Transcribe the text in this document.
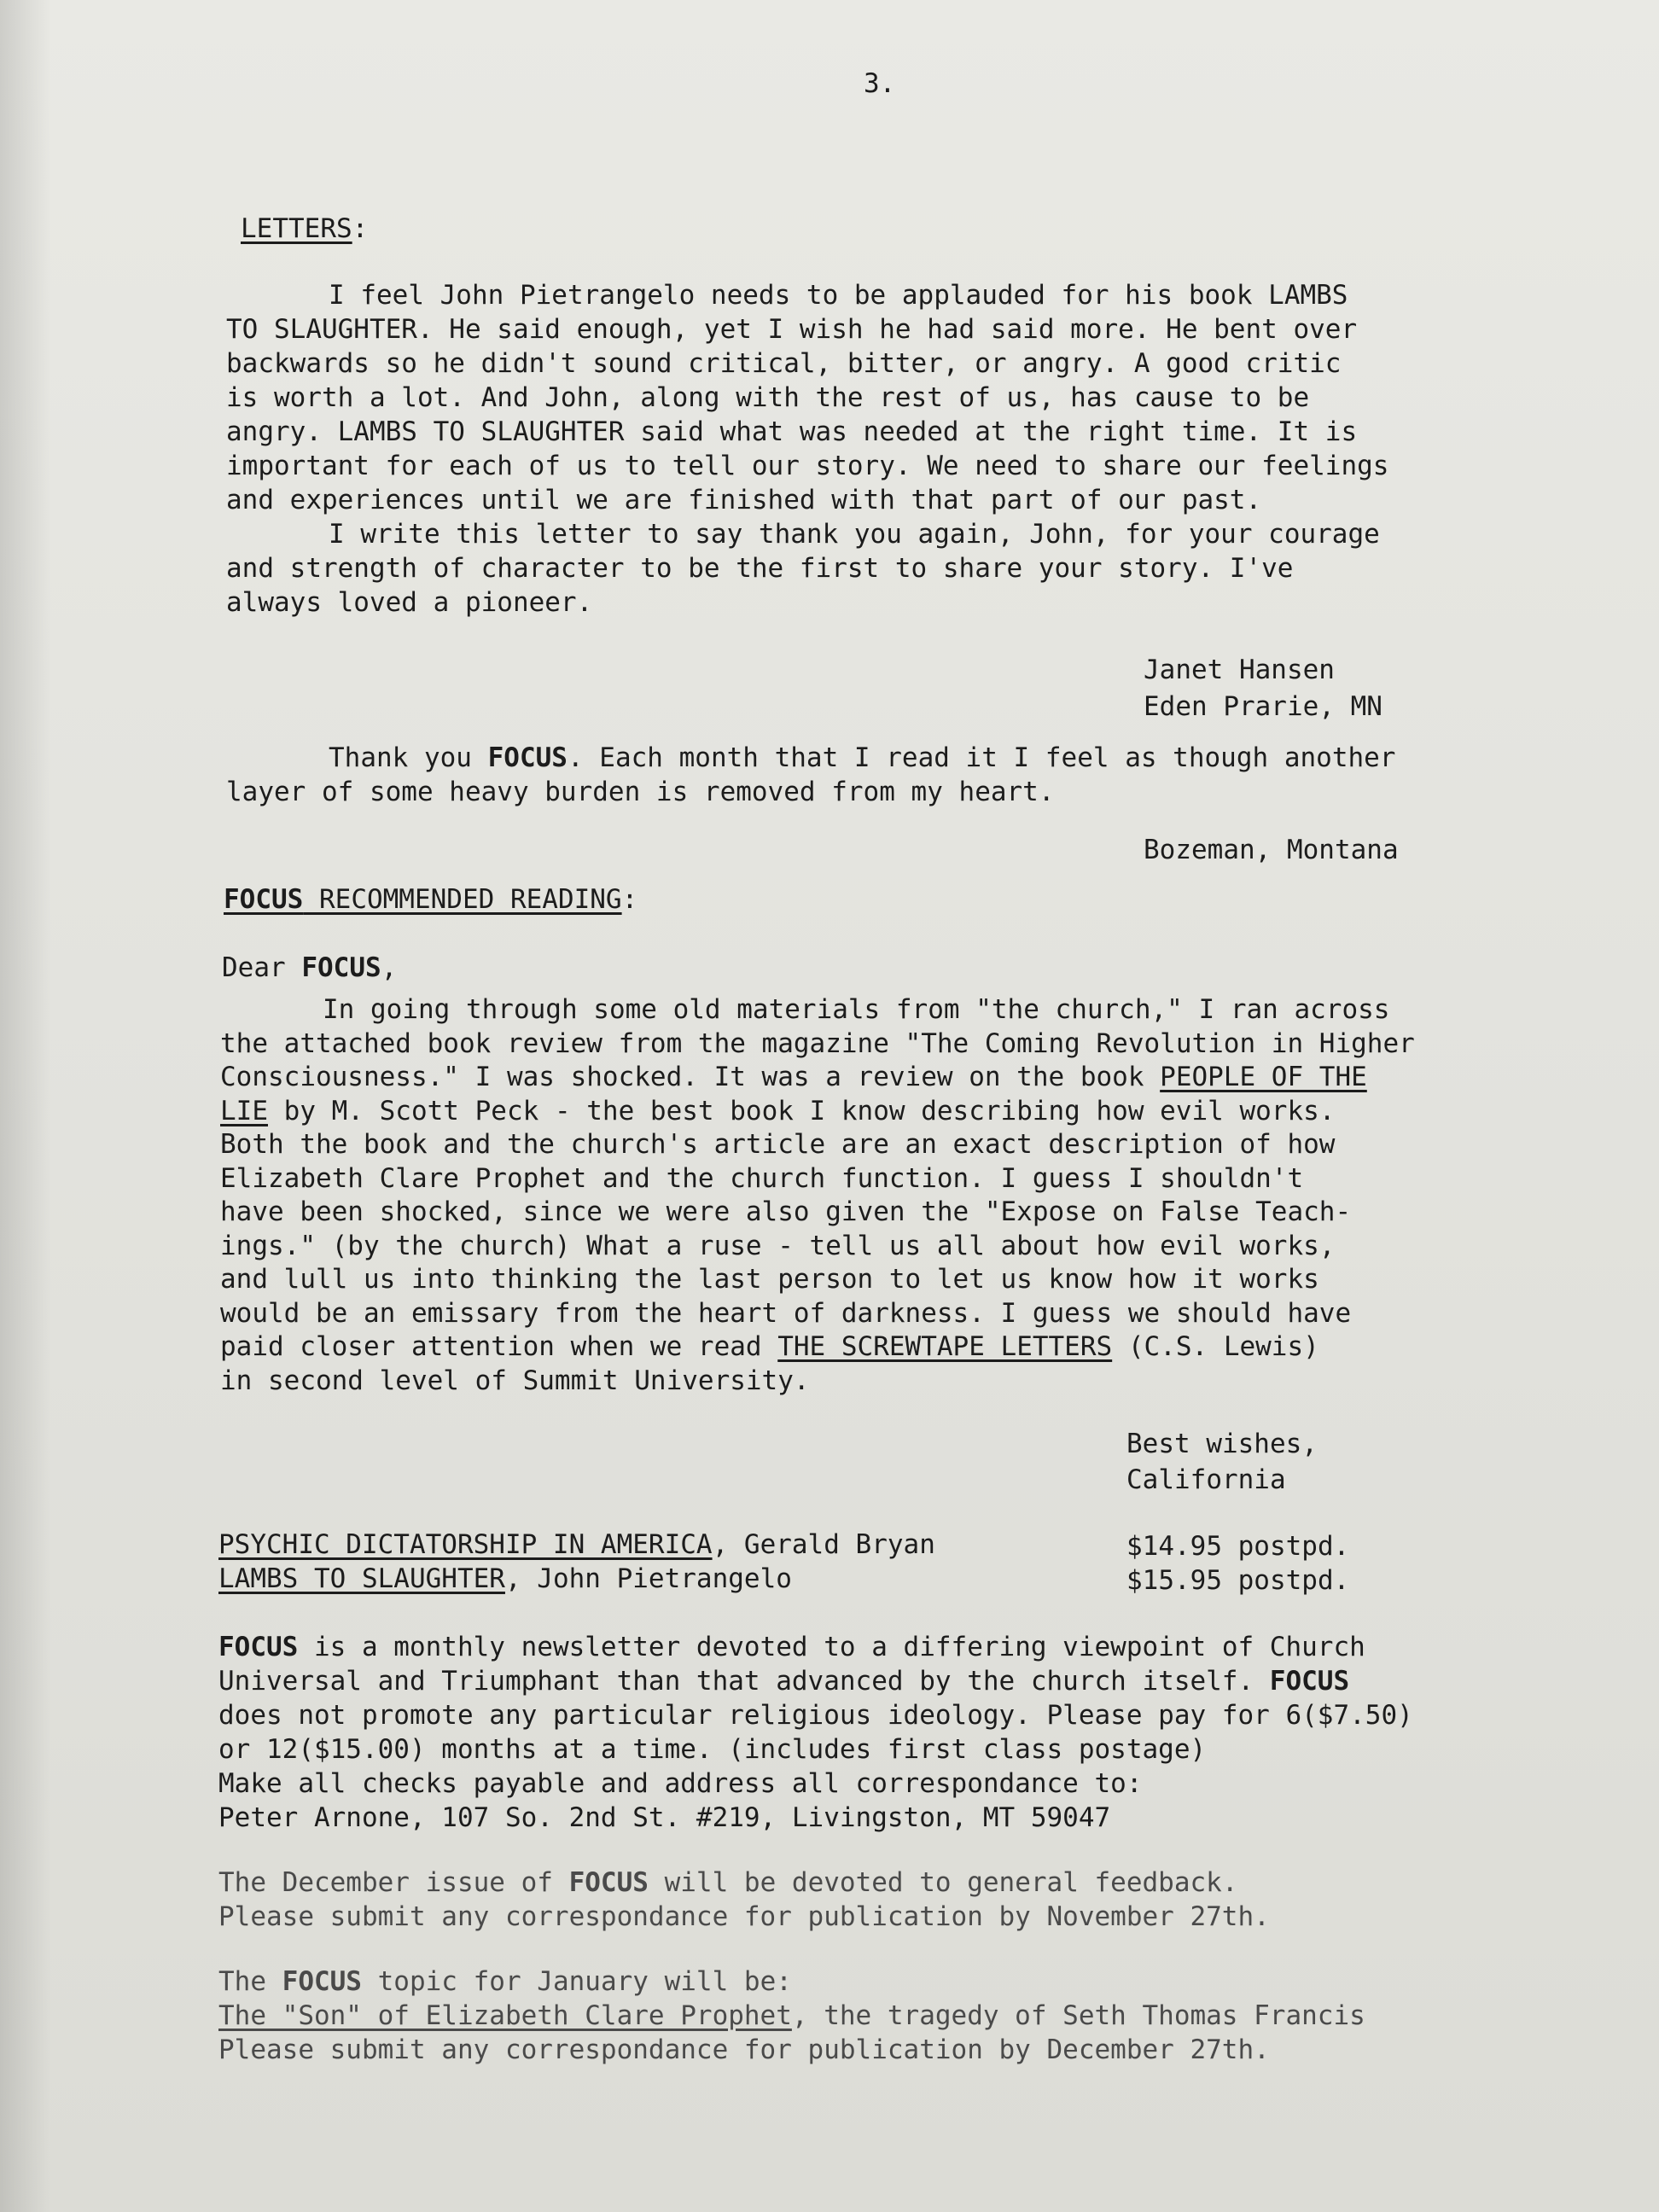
3.
LETTERS:
I feel John Pietrangelo needs to be applauded for his book LAMBS
TO SLAUGHTER. He said enough, yet I wish he had said more. He bent over
backwards so he didn't sound critical, bitter, or angry. A good critic
is worth a lot. And John, along with the rest of us, has cause to be
angry. LAMBS TO SLAUGHTER said what was needed at the right time. It is
important for each of us to tell our story. We need to share our feelings
and experiences until we are finished with that part of our past.
I write this letter to say thank you again, John, for your courage
and strength of character to be the first to share your story. I've
always loved a pioneer.
Janet Hansen
Eden Prarie, MN
Thank you FOCUS. Each month that I read it I feel as though another
layer of some heavy burden is removed from my heart.
Bozeman, Montana
FOCUS RECOMMENDED READING:
Dear FOCUS,
In going through some old materials from "the church," I ran across
the attached book review from the magazine "The Coming Revolution in Higher
Consciousness." I was shocked. It was a review on the book PEOPLE OF THE
LIE by M. Scott Peck - the best book I know describing how evil works.
Both the book and the church's article are an exact description of how
Elizabeth Clare Prophet and the church function. I guess I shouldn't
have been shocked, since we were also given the "Expose on False Teach-
ings." (by the church) What a ruse - tell us all about how evil works,
and lull us into thinking the last person to let us know how it works
would be an emissary from the heart of darkness. I guess we should have
paid closer attention when we read THE SCREWTAPE LETTERS (C.S. Lewis)
in second level of Summit University.
Best wishes,
California
PSYCHIC DICTATORSHIP IN AMERICA, Gerald Bryan	$14.95 postpd.
LAMBS TO SLAUGHTER, John Pietrangelo	$15.95 postpd.
FOCUS is a monthly newsletter devoted to a differing viewpoint of Church
Universal and Triumphant than that advanced by the church itself. FOCUS
does not promote any particular religious ideology. Please pay for 6($7.50)
or 12($15.00) months at a time. (includes first class postage)
Make all checks payable and address all correspondance to:
Peter Arnone, 107 So. 2nd St. #219, Livingston, MT 59047
The December issue of FOCUS will be devoted to general feedback.
Please submit any correspondance for publication by November 27th.
The FOCUS topic for January will be:
The "Son" of Elizabeth Clare Prophet, the tragedy of Seth Thomas Francis
Please submit any correspondance for publication by December 27th.
